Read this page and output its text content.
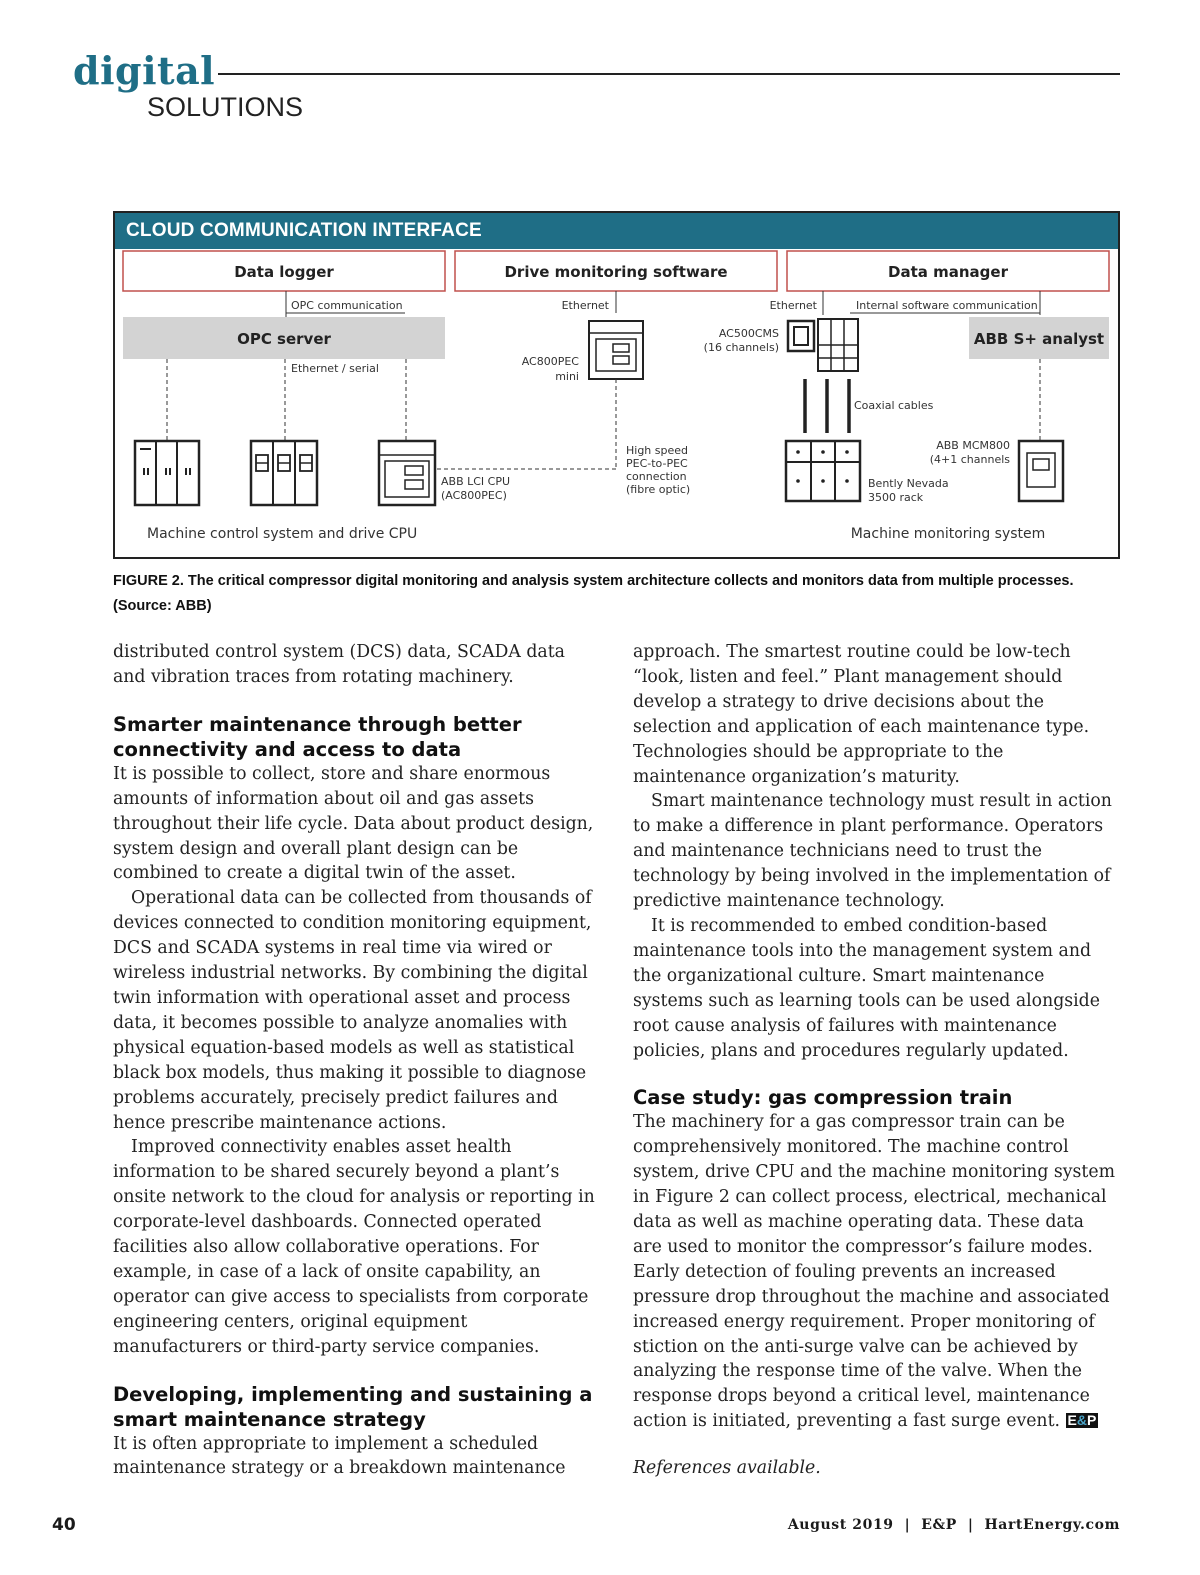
digital
SOLUTIONS
CLOUD COMMUNICATION INTERFACE
Data logger	Drive monitoring software	Data manager
OPC communication	Ethernet	Ethernet	Internal software communication
OPC server	ABB S+ analyst
Ethernet / serial
AC800PEC
mini
AC500CMS
(16 channels)
Coaxial cables
High speed
PEC-to-PEC
connection
(fibre optic)
ABB LCI CPU
(AC800PEC)
Bently Nevada
3500 rack
ABB MCM800
(4+1 channels
Machine control system and drive CPU	Machine monitoring system
FIGURE 2. The critical compressor digital monitoring and analysis system architecture collects and monitors data from multiple processes. (Source: ABB)

distributed control system (DCS) data, SCADA data and vibration traces from rotating machinery.

Smarter maintenance through better
connectivity and access to data

It is possible to collect, store and share enormous amounts of information about oil and gas assets throughout their life cycle. Data about product design, system design and overall plant design can be combined to create a digital twin of the asset.

Operational data can be collected from thousands of devices connected to condition monitoring equipment, DCS and SCADA systems in real time via wired or wireless industrial networks. By combining the digital twin information with operational asset and process data, it becomes possible to analyze anomalies with physical equation-based models as well as statistical black box models, thus making it possible to diagnose problems accurately, precisely predict failures and hence prescribe maintenance actions.

Improved connectivity enables asset health information to be shared securely beyond a plant’s onsite network to the cloud for analysis or reporting in corporate-level dashboards. Connected operated facilities also allow collaborative operations. For example, in case of a lack of onsite capability, an operator can give access to specialists from corporate engineering centers, original equipment manufacturers or third-party service companies.

Developing, implementing and sustaining a
smart maintenance strategy

It is often appropriate to implement a scheduled maintenance strategy or a breakdown maintenance

approach. The smartest routine could be low-tech “look, listen and feel.” Plant management should develop a strategy to drive decisions about the selection and application of each maintenance type. Technologies should be appropriate to the maintenance organization’s maturity.

Smart maintenance technology must result in action to make a difference in plant performance. Operators and maintenance technicians need to trust the technology by being involved in the implementation of predictive maintenance technology.

It is recommended to embed condition-based maintenance tools into the management system and the organizational culture. Smart maintenance systems such as learning tools can be used alongside root cause analysis of failures with maintenance policies, plans and procedures regularly updated.

Case study: gas compression train

The machinery for a gas compressor train can be comprehensively monitored. The machine control system, drive CPU and the machine monitoring system in Figure 2 can collect process, electrical, mechanical data as well as machine operating data. These data are used to monitor the compressor’s failure modes. Early detection of fouling prevents an increased pressure drop throughout the machine and associated increased energy requirement. Proper monitoring of stiction on the anti-surge valve can be achieved by analyzing the response time of the valve. When the response drops beyond a critical level, maintenance action is initiated, preventing a fast surge event. E&P

References available.

40	August 2019  |  E&P  |  HartEnergy.com
